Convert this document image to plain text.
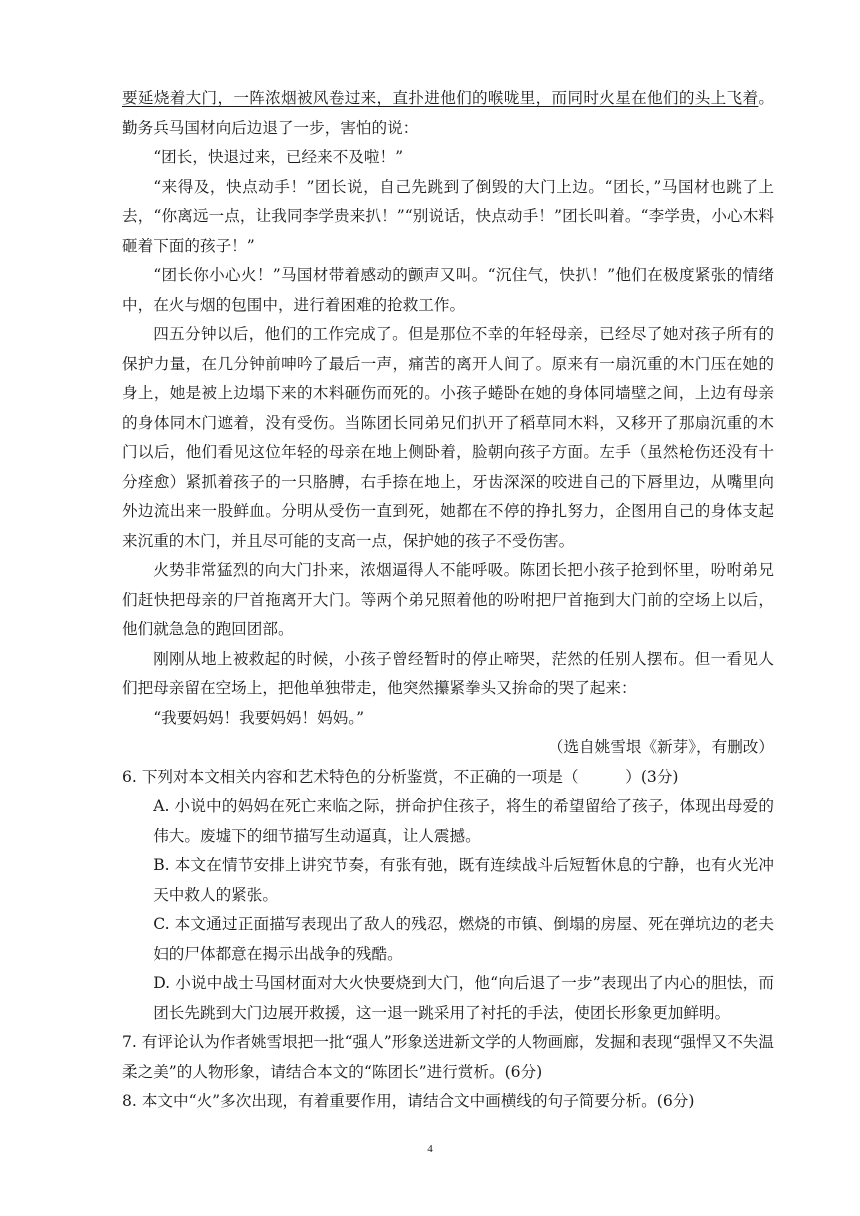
要延烧着大门，一阵浓烟被风卷过来，直扑进他们的喉咙里，而同时火星在他们的头上飞着。勤务兵马国材向后边退了一步，害怕的说：

“团长，快退过来，已经来不及啦！”

“来得及，快点动手！”团长说，自己先跳到了倒毁的大门上边。“团长，”马国材也跳了上去，“你离远一点，让我同李学贵来扒！”“别说话，快点动手！”团长叫着。“李学贵，小心木料砸着下面的孩子！”

“团长你小心火！”马国材带着感动的颤声又叫。“沉住气，快扒！”他们在极度紧张的情绪中，在火与烟的包围中，进行着困难的抢救工作。

四五分钟以后，他们的工作完成了。但是那位不幸的年轻母亲，已经尽了她对孩子所有的保护力量，在几分钟前呻吟了最后一声，痛苦的离开人间了。原来有一扇沉重的木门压在她的身上，她是被上边塌下来的木料砸伤而死的。小孩子蜷卧在她的身体同墙壁之间，上边有母亲的身体同木门遮着，没有受伤。当陈团长同弟兄们扒开了稻草同木料，又移开了那扇沉重的木门以后，他们看见这位年轻的母亲在地上侧卧着，脸朝向孩子方面。左手（虽然枪伤还没有十分痊愈）紧抓着孩子的一只胳膊，右手捺在地上，牙齿深深的咬进自己的下唇里边，从嘴里向外边流出来一股鲜血。分明从受伤一直到死，她都在不停的挣扎努力，企图用自己的身体支起来沉重的木门，并且尽可能的支高一点，保护她的孩子不受伤害。

火势非常猛烈的向大门扑来，浓烟逼得人不能呼吸。陈团长把小孩子抢到怀里，吩咐弟兄们赶快把母亲的尸首拖离开大门。等两个弟兄照着他的吩咐把尸首拖到大门前的空场上以后，他们就急急的跑回团部。

刚刚从地上被救起的时候，小孩子曾经暂时的停止啼哭，茫然的任别人摆布。但一看见人们把母亲留在空场上，把他单独带走，他突然攥紧拳头又拚命的哭了起来：

“我要妈妈！我要妈妈！妈妈。”

（选自姚雪垠《新芽》，有删改）

6. 下列对本文相关内容和艺术特色的分析鉴赏，不正确的一项是（　　　）(3分)

A. 小说中的妈妈在死亡来临之际，拼命护住孩子，将生的希望留给了孩子，体现出母爱的伟大。废墟下的细节描写生动逼真，让人震撼。

B. 本文在情节安排上讲究节奏，有张有弛，既有连续战斗后短暂休息的宁静，也有火光冲天中救人的紧张。

C. 本文通过正面描写表现出了敌人的残忍，燃烧的市镇、倒塌的房屋、死在弹坑边的老夫妇的尸体都意在揭示出战争的残酷。

D. 小说中战士马国材面对大火快要烧到大门，他“向后退了一步”表现出了内心的胆怯，而团长先跳到大门边展开救援，这一退一跳采用了衬托的手法，使团长形象更加鲜明。

7. 有评论认为作者姚雪垠把一批“强人”形象送进新文学的人物画廊，发掘和表现“强悍又不失温柔之美”的人物形象，请结合本文的“陈团长”进行赏析。(6分)

8. 本文中“火”多次出现，有着重要作用，请结合文中画横线的句子简要分析。(6分)

4
